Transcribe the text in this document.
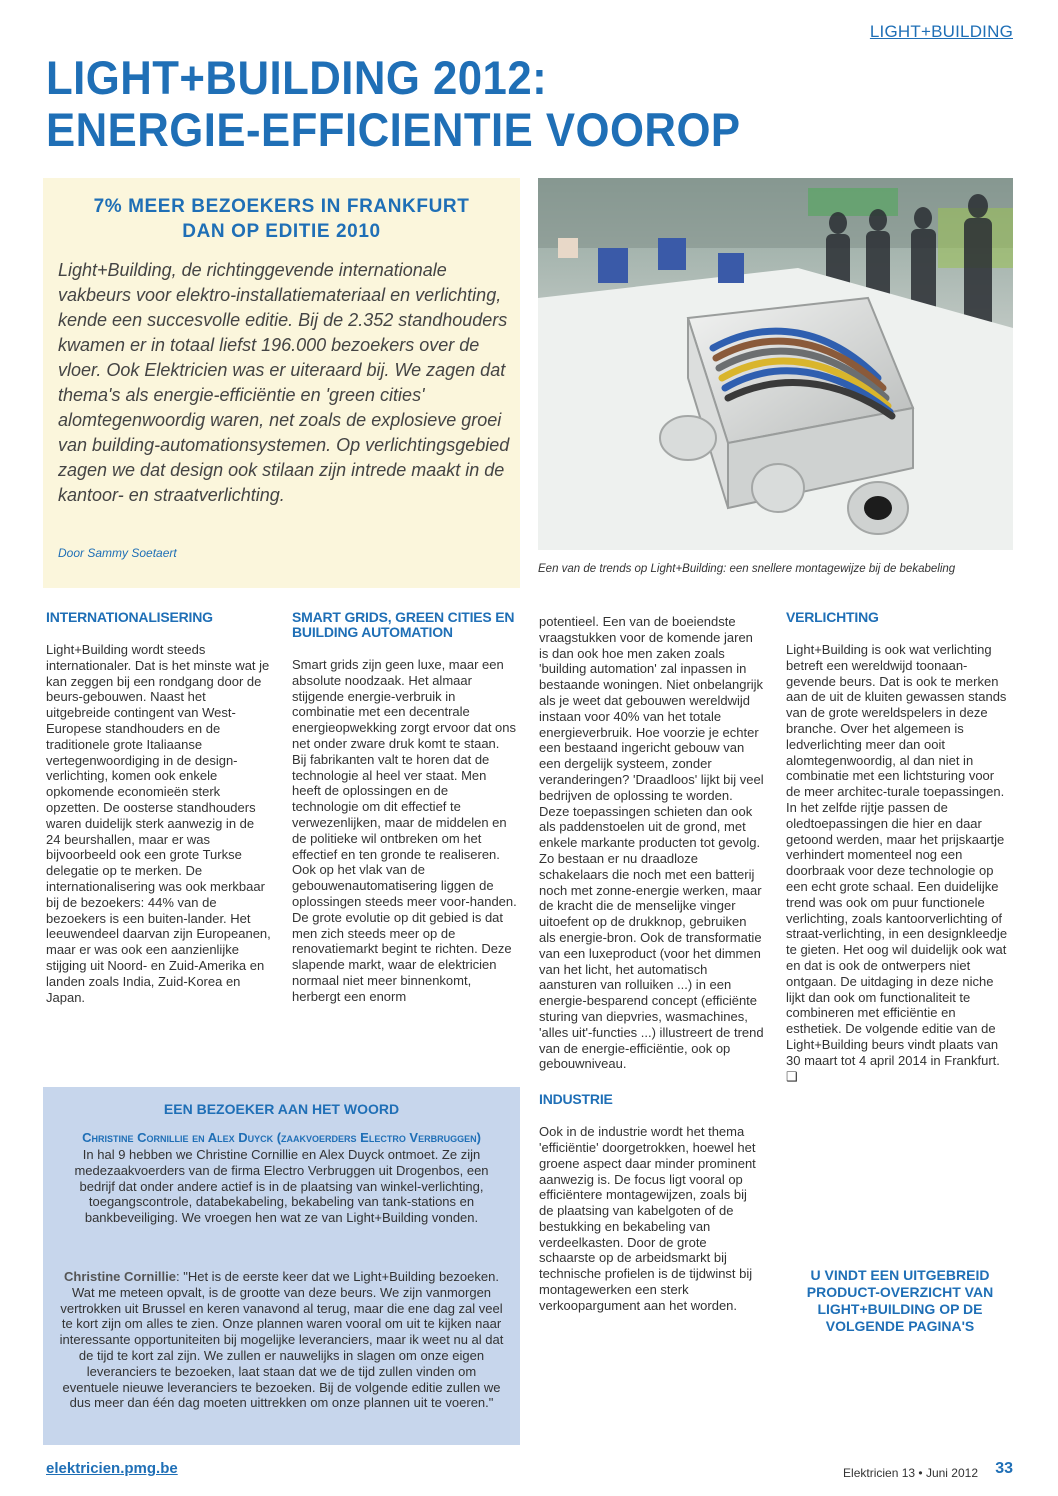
LIGHT+BUILDING
LIGHT+BUILDING 2012:
ENERGIE-EFFICIENTIE VOOROP
7% MEER BEZOEKERS IN FRANKFURT
DAN OP EDITIE 2010
Light+Building, de richtinggevende internationale vakbeurs voor elektro-installatiemateriaal en verlichting, kende een succesvolle editie. Bij de 2.352 standhouders kwamen er in totaal liefst 196.000 bezoekers over de vloer. Ook Elektricien was er uiteraard bij. We zagen dat thema's als energie-efficiëntie en 'green cities' alomtegenwoordig waren, net zoals de explosieve groei van building-automationsystemen. Op verlichtingsgebied zagen we dat design ook stilaan zijn intrede maakt in de kantoor- en straatverlichting.
Door Sammy Soetaert
Een van de trends op Light+Building: een snellere montagewijze bij de bekabeling
INTERNATIONALISERING

Light+Building wordt steeds internationaler. Dat is het minste wat je kan zeggen bij een rondgang door de beurs-gebouwen. Naast het uitgebreide contingent van West-Europese standhouders en de traditionele grote Italiaanse vertegenwoordiging in de design-verlichting, komen ook enkele opkomende economieën sterk opzetten. De oosterse standhouders waren duidelijk sterk aanwezig in de 24 beurshallen, maar er was bijvoorbeeld ook een grote Turkse delegatie op te merken. De internationalisering was ook merkbaar bij de bezoekers: 44% van de bezoekers is een buiten-lander. Het leeuwendeel daarvan zijn Europeanen, maar er was ook een aanzienlijke stijging uit Noord- en Zuid-Amerika en landen zoals India, Zuid-Korea en Japan.

SMART GRIDS, GREEN CITIES EN BUILDING AUTOMATION

Smart grids zijn geen luxe, maar een absolute noodzaak. Het almaar stijgende energie-verbruik in combinatie met een decentrale energieopwekking zorgt ervoor dat ons net onder zware druk komt te staan. Bij fabrikanten valt te horen dat de technologie al heel ver staat. Men heeft de oplossingen en de technologie om dit effectief te verwezenlijken, maar de middelen en de politieke wil ontbreken om het effectief en ten gronde te realiseren. Ook op het vlak van de gebouwenautomatisering liggen de oplossingen steeds meer voor-handen. De grote evolutie op dit gebied is dat men zich steeds meer op de renovatiemarkt begint te richten. Deze slapende markt, waar de elektricien normaal niet meer binnenkomt, herbergt een enorm

potentieel. Een van de boeiendste vraagstukken voor de komende jaren is dan ook hoe men zaken zoals 'building automation' zal inpassen in bestaande woningen. Niet onbelangrijk als je weet dat gebouwen wereldwijd instaan voor 40% van het totale energieverbruik. Hoe voorzie je echter een bestaand ingericht gebouw van een dergelijk systeem, zonder veranderingen? 'Draadloos' lijkt bij veel bedrijven de oplossing te worden. Deze toepassingen schieten dan ook als paddenstoelen uit de grond, met enkele markante producten tot gevolg. Zo bestaan er nu draadloze schakelaars die noch met een batterij noch met zonne-energie werken, maar de kracht die de menselijke vinger uitoefent op de drukknop, gebruiken als energie-bron. Ook de transformatie van een luxeproduct (voor het dimmen van het licht, het automatisch aansturen van rolluiken ...) in een energie-besparend concept (efficiënte sturing van diepvries, wasmachines, 'alles uit'-functies ...) illustreert de trend van de energie-efficiëntie, ook op gebouwniveau.

INDUSTRIE

Ook in de industrie wordt het thema 'efficiëntie' doorgetrokken, hoewel het groene aspect daar minder prominent aanwezig is. De focus ligt vooral op efficiëntere montagewijzen, zoals bij de plaatsing van kabelgoten of de bestukking en bekabeling van verdeelkasten. Door de grote schaarste op de arbeidsmarkt bij technische profielen is de tijdwinst bij montagewerken een sterk verkoopargument aan het worden.

VERLICHTING

Light+Building is ook wat verlichting betreft een wereldwijd toonaan-gevende beurs. Dat is ook te merken aan de uit de kluiten gewassen stands van de grote wereldspelers in deze branche. Over het algemeen is ledverlichting meer dan ooit alomtegenwoordig, al dan niet in combinatie met een lichtsturing voor de meer architec-turale toepassingen. In het zelfde rijtje passen de oledtoepassingen die hier en daar getoond werden, maar het prijskaartje verhindert momenteel nog een doorbraak voor deze technologie op een echt grote schaal. Een duidelijke trend was ook om puur functionele verlichting, zoals kantoorverlichting of straat-verlichting, in een designkleedje te gieten. Het oog wil duidelijk ook wat en dat is ook de ontwerpers niet ontgaan. De uitdaging in deze niche lijkt dan ook om functionaliteit te combineren met efficiëntie en esthetiek. De volgende editie van de Light+Building beurs vindt plaats van 30 maart tot 4 april 2014 in Frankfurt. ❑

EEN BEZOEKER AAN HET WOORD
Christine Cornillie en Alex Duyck (zaakvoerders Electro Verbruggen)
In hal 9 hebben we Christine Cornillie en Alex Duyck ontmoet. Ze zijn medezaakvoerders van de firma Electro Verbruggen uit Drogenbos, een bedrijf dat onder andere actief is in de plaatsing van winkel-verlichting, toegangscontrole, databekabeling, bekabeling van tank-stations en bankbeveiliging. We vroegen hen wat ze van Light+Building vonden.
Christine Cornillie: "Het is de eerste keer dat we Light+Building bezoeken. Wat me meteen opvalt, is de grootte van deze beurs. We zijn vanmorgen vertrokken uit Brussel en keren vanavond al terug, maar die ene dag zal veel te kort zijn om alles te zien. Onze plannen waren vooral om uit te kijken naar interessante opportuniteiten bij mogelijke leveranciers, maar ik weet nu al dat de tijd te kort zal zijn. We zullen er nauwelijks in slagen om onze eigen leveranciers te bezoeken, laat staan dat we de tijd zullen vinden om eventuele nieuwe leveranciers te bezoeken. Bij de volgende editie zullen we dus meer dan één dag moeten uittrekken om onze plannen uit te voeren."
U VINDT EEN UITGEBREID PRODUCT-OVERZICHT VAN LIGHT+BUILDING OP DE VOLGENDE PAGINA'S
elektricien.pmg.be	Elektricien 13 • Juni 2012 33
